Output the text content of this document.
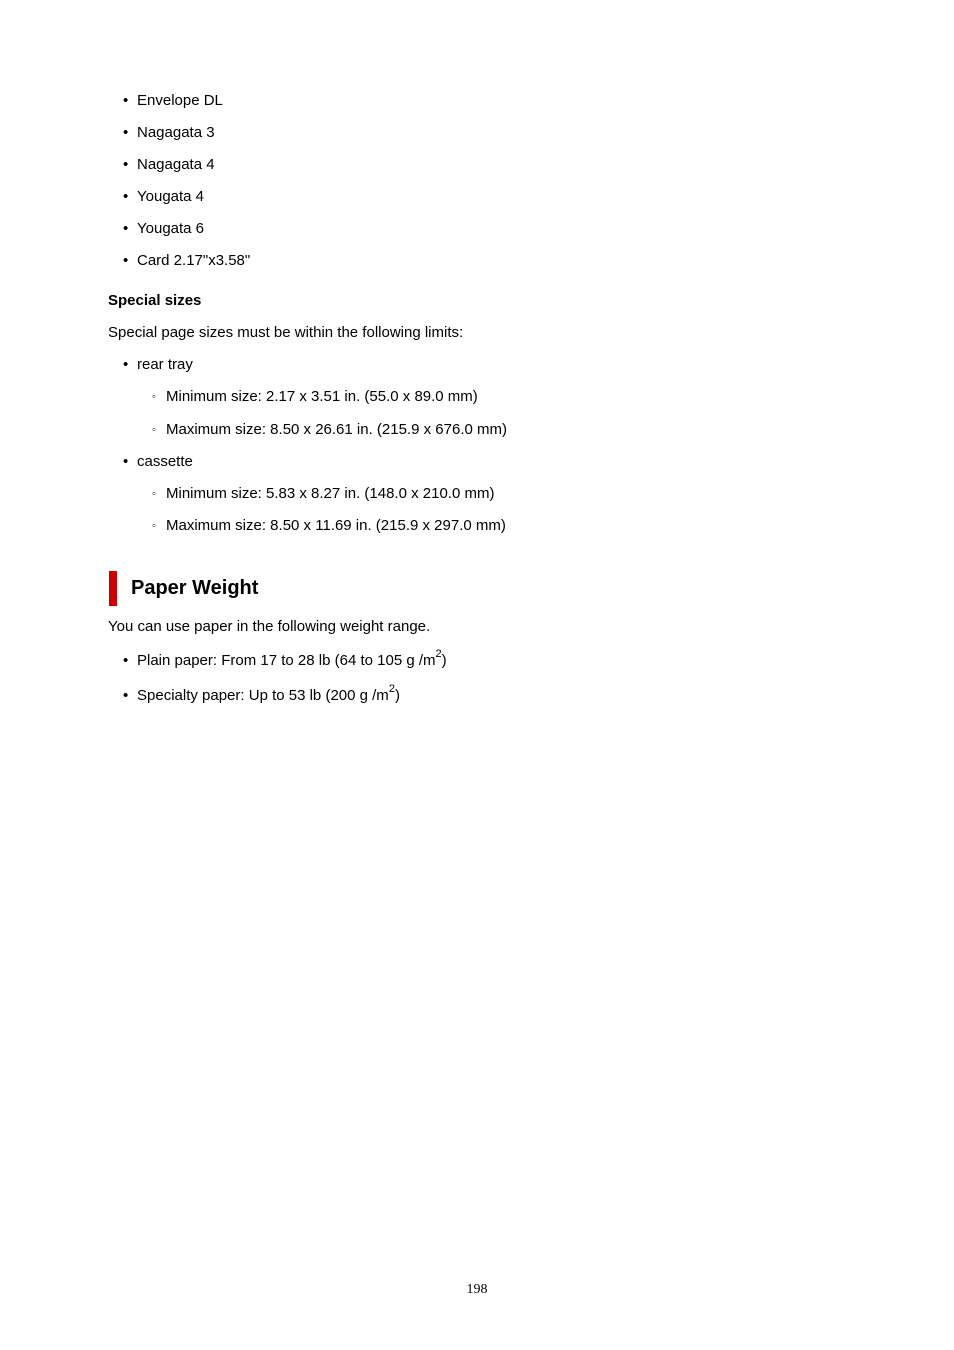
• Envelope DL
• Nagagata 3
• Nagagata 4
• Yougata 4
• Yougata 6
• Card 2.17"x3.58"
Special sizes
Special page sizes must be within the following limits:
• rear tray
◦ Minimum size: 2.17 x 3.51 in. (55.0 x 89.0 mm)
◦ Maximum size: 8.50 x 26.61 in. (215.9 x 676.0 mm)
• cassette
◦ Minimum size: 5.83 x 8.27 in. (148.0 x 210.0 mm)
◦ Maximum size: 8.50 x 11.69 in. (215.9 x 297.0 mm)
Paper Weight
You can use paper in the following weight range.
• Plain paper: From 17 to 28 lb (64 to 105 g $/m^2$)
• Specialty paper: Up to 53 lb (200 g $/m^2$)
198
